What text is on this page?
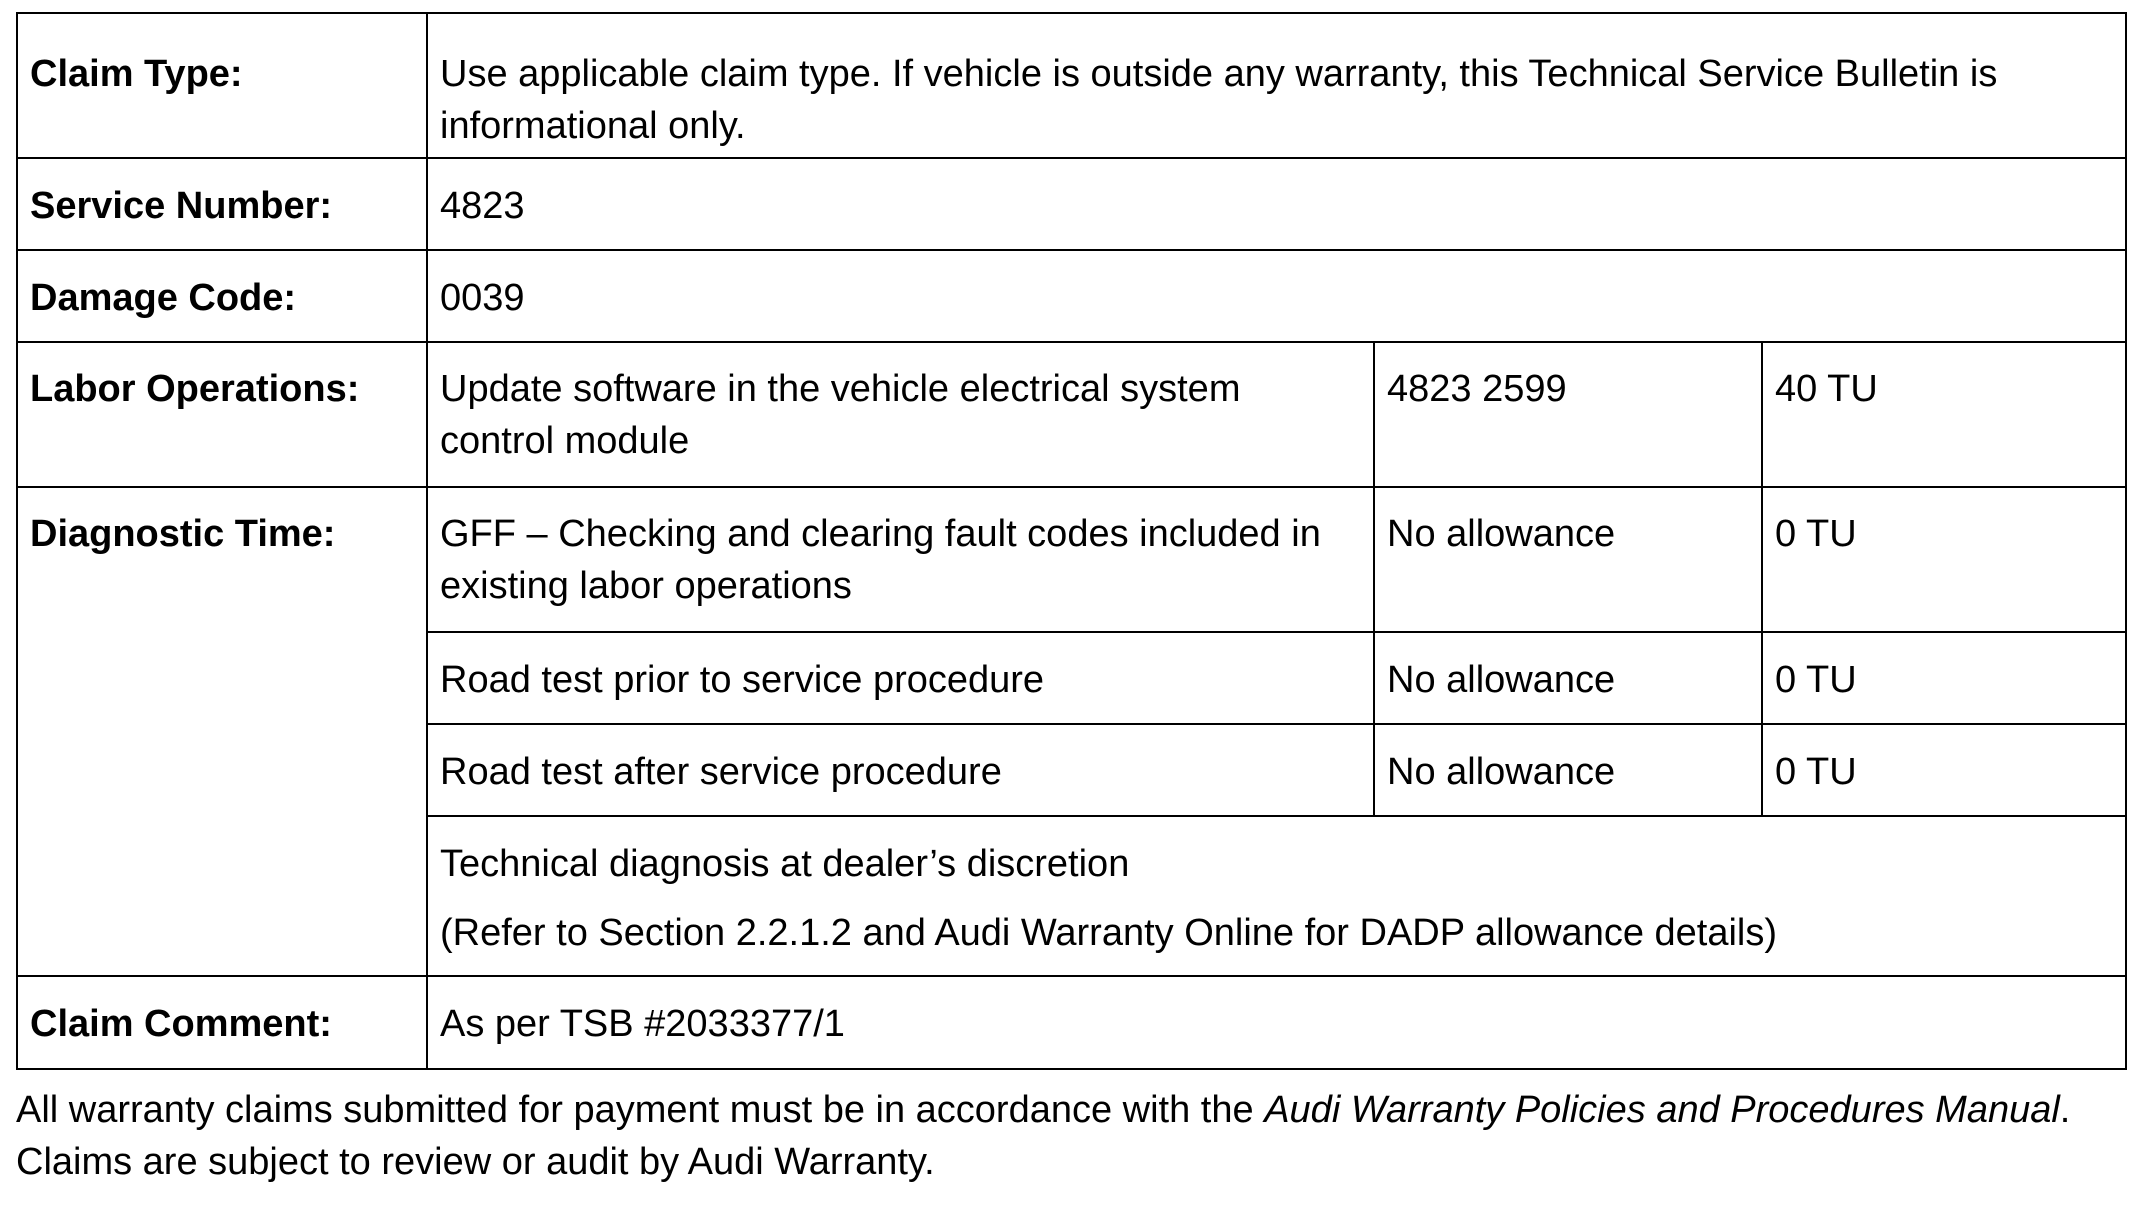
Claim Type:	Use applicable claim type. If vehicle is outside any warranty, this Technical Service Bulletin is informational only.		
Service Number:	4823		
Damage Code:	0039		
Labor Operations:	Update software in the vehicle electrical system control module	4823 2599	40 TU
Diagnostic Time:	GFF – Checking and clearing fault codes included in existing labor operations	No allowance	0 TU
	Road test prior to service procedure	No allowance	0 TU
	Road test after service procedure	No allowance	0 TU
	Technical diagnosis at dealer’s discretion
(Refer to Section 2.2.1.2 and Audi Warranty Online for DADP allowance details)		

Claim Comment:	As per TSB #2033377/1		

All warranty claims submitted for payment must be in accordance with the Audi Warranty Policies and Procedures Manual. Claims are subject to review or audit by Audi Warranty.
